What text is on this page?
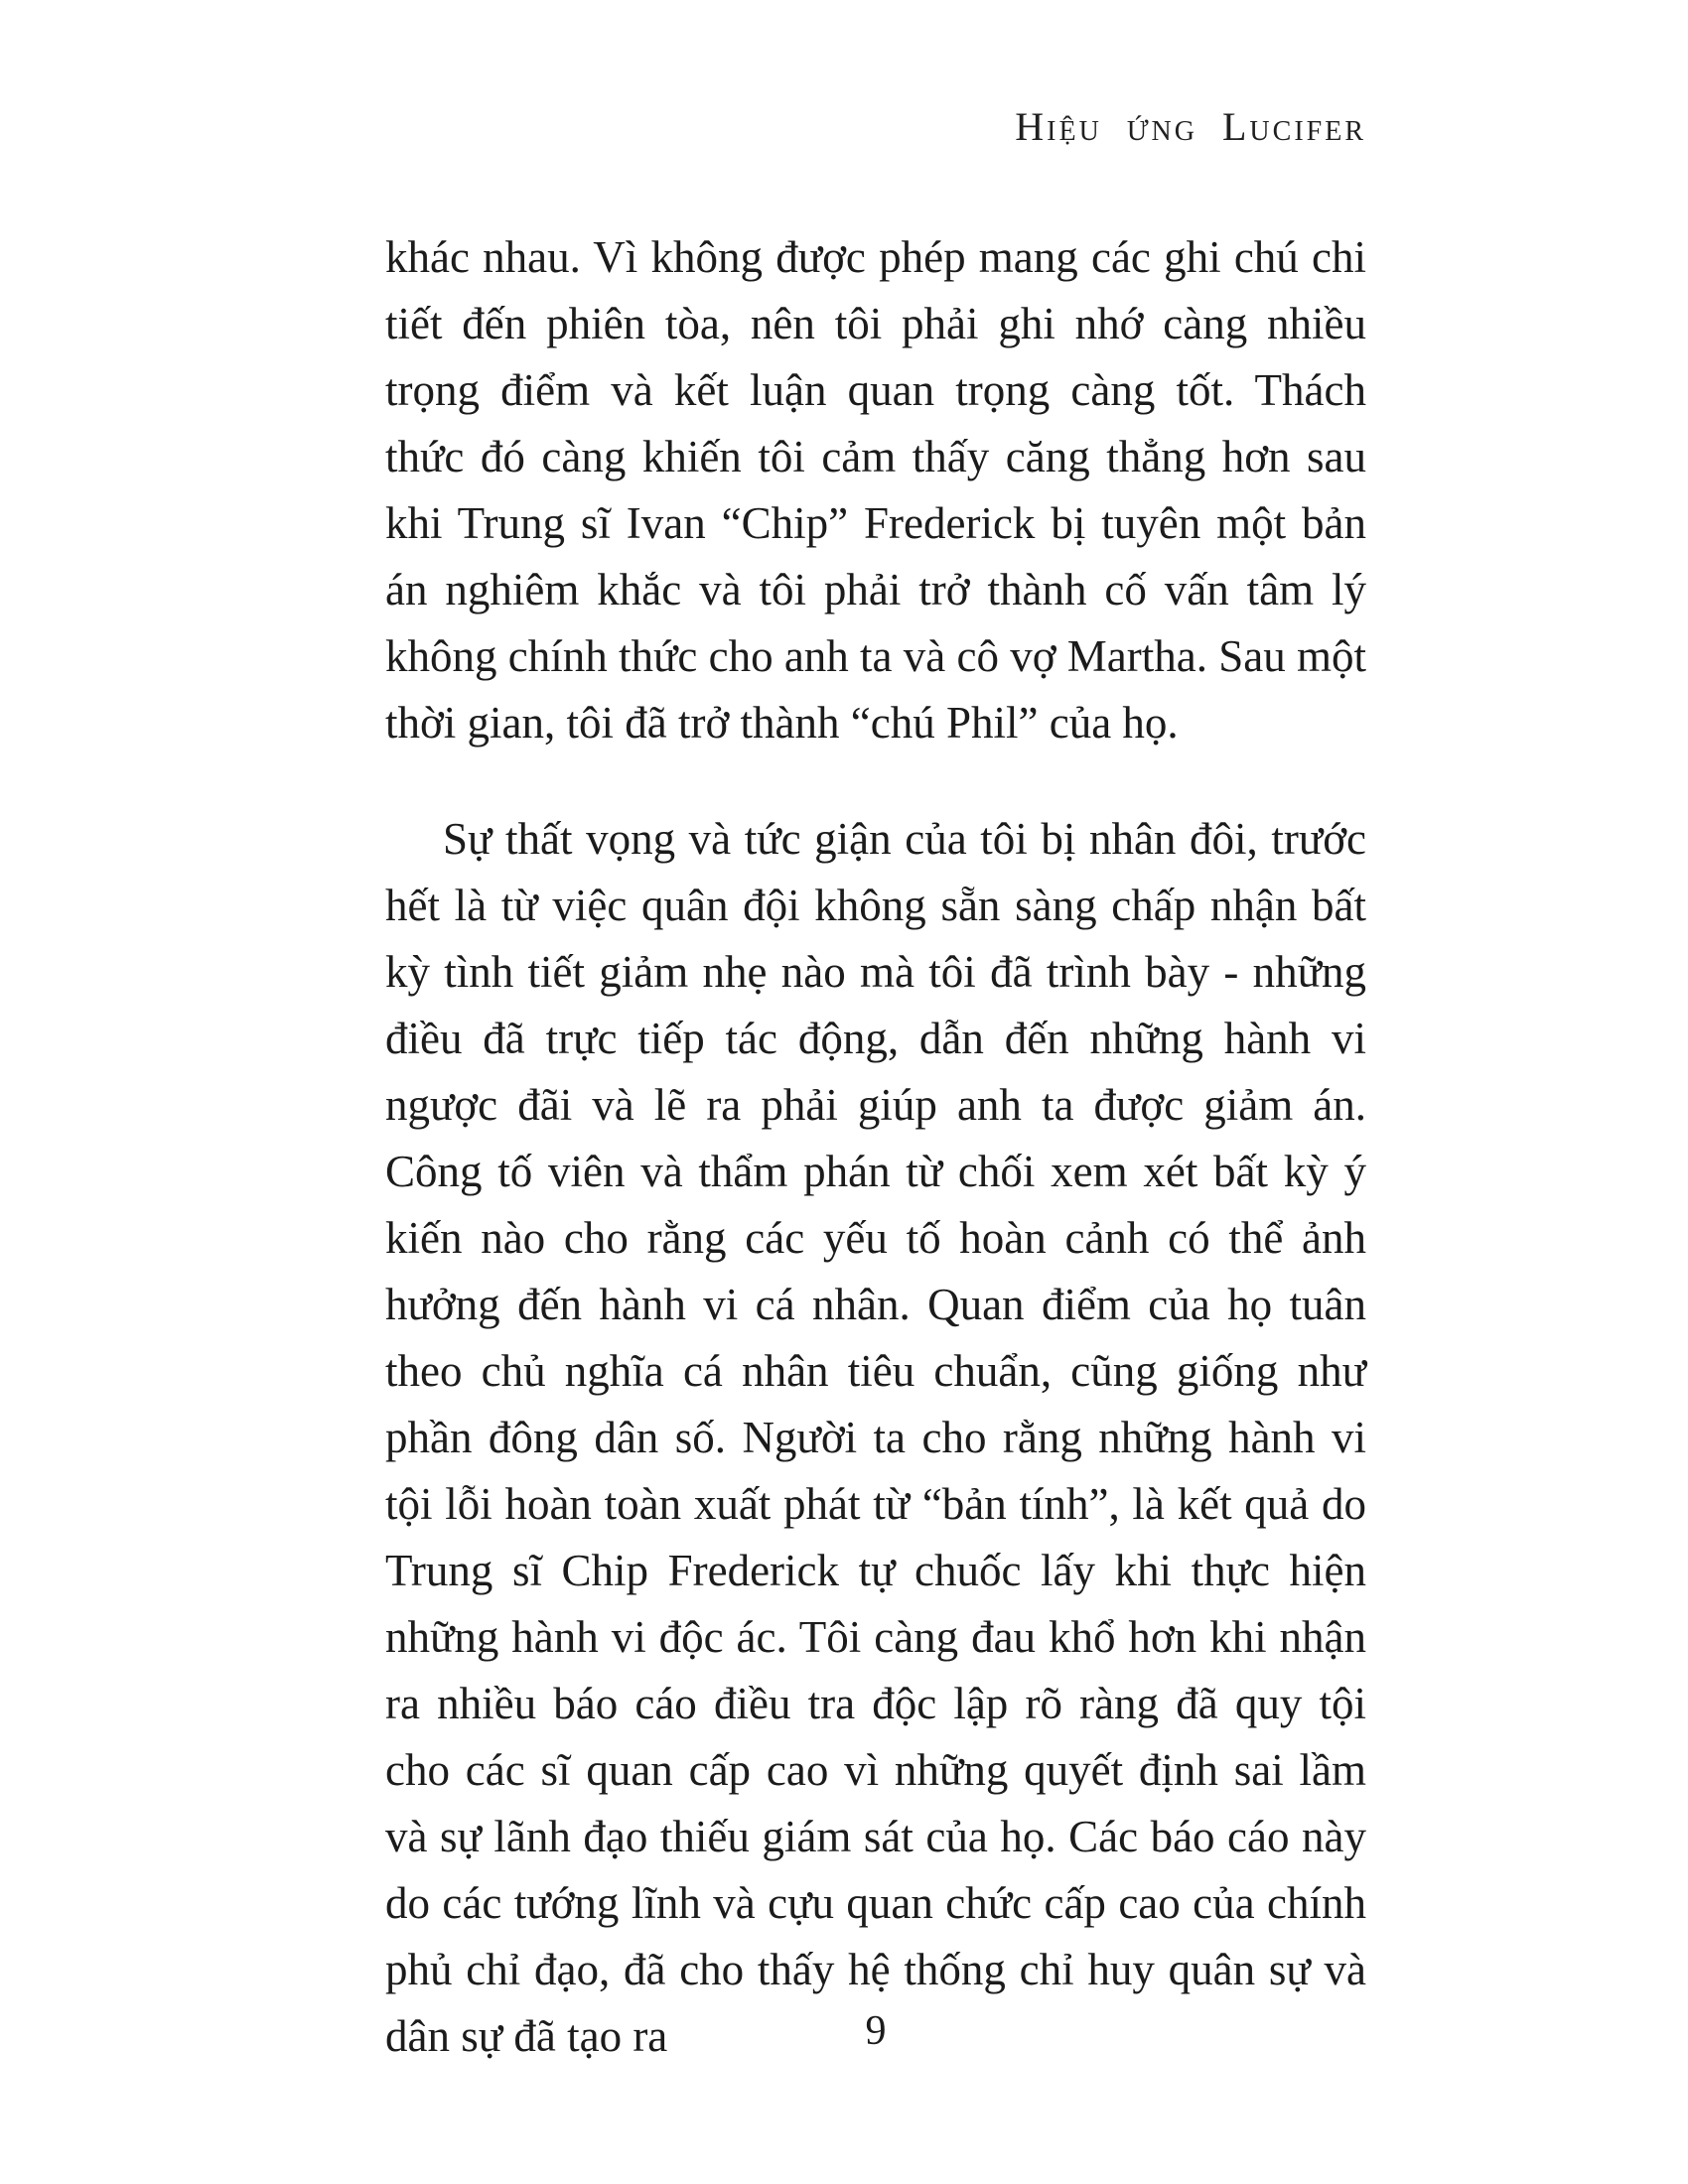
Hiệu ứng Lucifer

khác nhau. Vì không được phép mang các ghi chú chi tiết đến phiên tòa, nên tôi phải ghi nhớ càng nhiều trọng điểm và kết luận quan trọng càng tốt. Thách thức đó càng khiến tôi cảm thấy căng thẳng hơn sau khi Trung sĩ Ivan “Chip” Frederick bị tuyên một bản án nghiêm khắc và tôi phải trở thành cố vấn tâm lý không chính thức cho anh ta và cô vợ Martha. Sau một thời gian, tôi đã trở thành “chú Phil” của họ.

Sự thất vọng và tức giận của tôi bị nhân đôi, trước hết là từ việc quân đội không sẵn sàng chấp nhận bất kỳ tình tiết giảm nhẹ nào mà tôi đã trình bày - những điều đã trực tiếp tác động, dẫn đến những hành vi ngược đãi và lẽ ra phải giúp anh ta được giảm án. Công tố viên và thẩm phán từ chối xem xét bất kỳ ý kiến nào cho rằng các yếu tố hoàn cảnh có thể ảnh hưởng đến hành vi cá nhân. Quan điểm của họ tuân theo chủ nghĩa cá nhân tiêu chuẩn, cũng giống như phần đông dân số. Người ta cho rằng những hành vi tội lỗi hoàn toàn xuất phát từ “bản tính”, là kết quả do Trung sĩ Chip Frederick tự chuốc lấy khi thực hiện những hành vi độc ác. Tôi càng đau khổ hơn khi nhận ra nhiều báo cáo điều tra độc lập rõ ràng đã quy tội cho các sĩ quan cấp cao vì những quyết định sai lầm và sự lãnh đạo thiếu giám sát của họ. Các báo cáo này do các tướng lĩnh và cựu quan chức cấp cao của chính phủ chỉ đạo, đã cho thấy hệ thống chỉ huy quân sự và dân sự đã tạo ra	9
